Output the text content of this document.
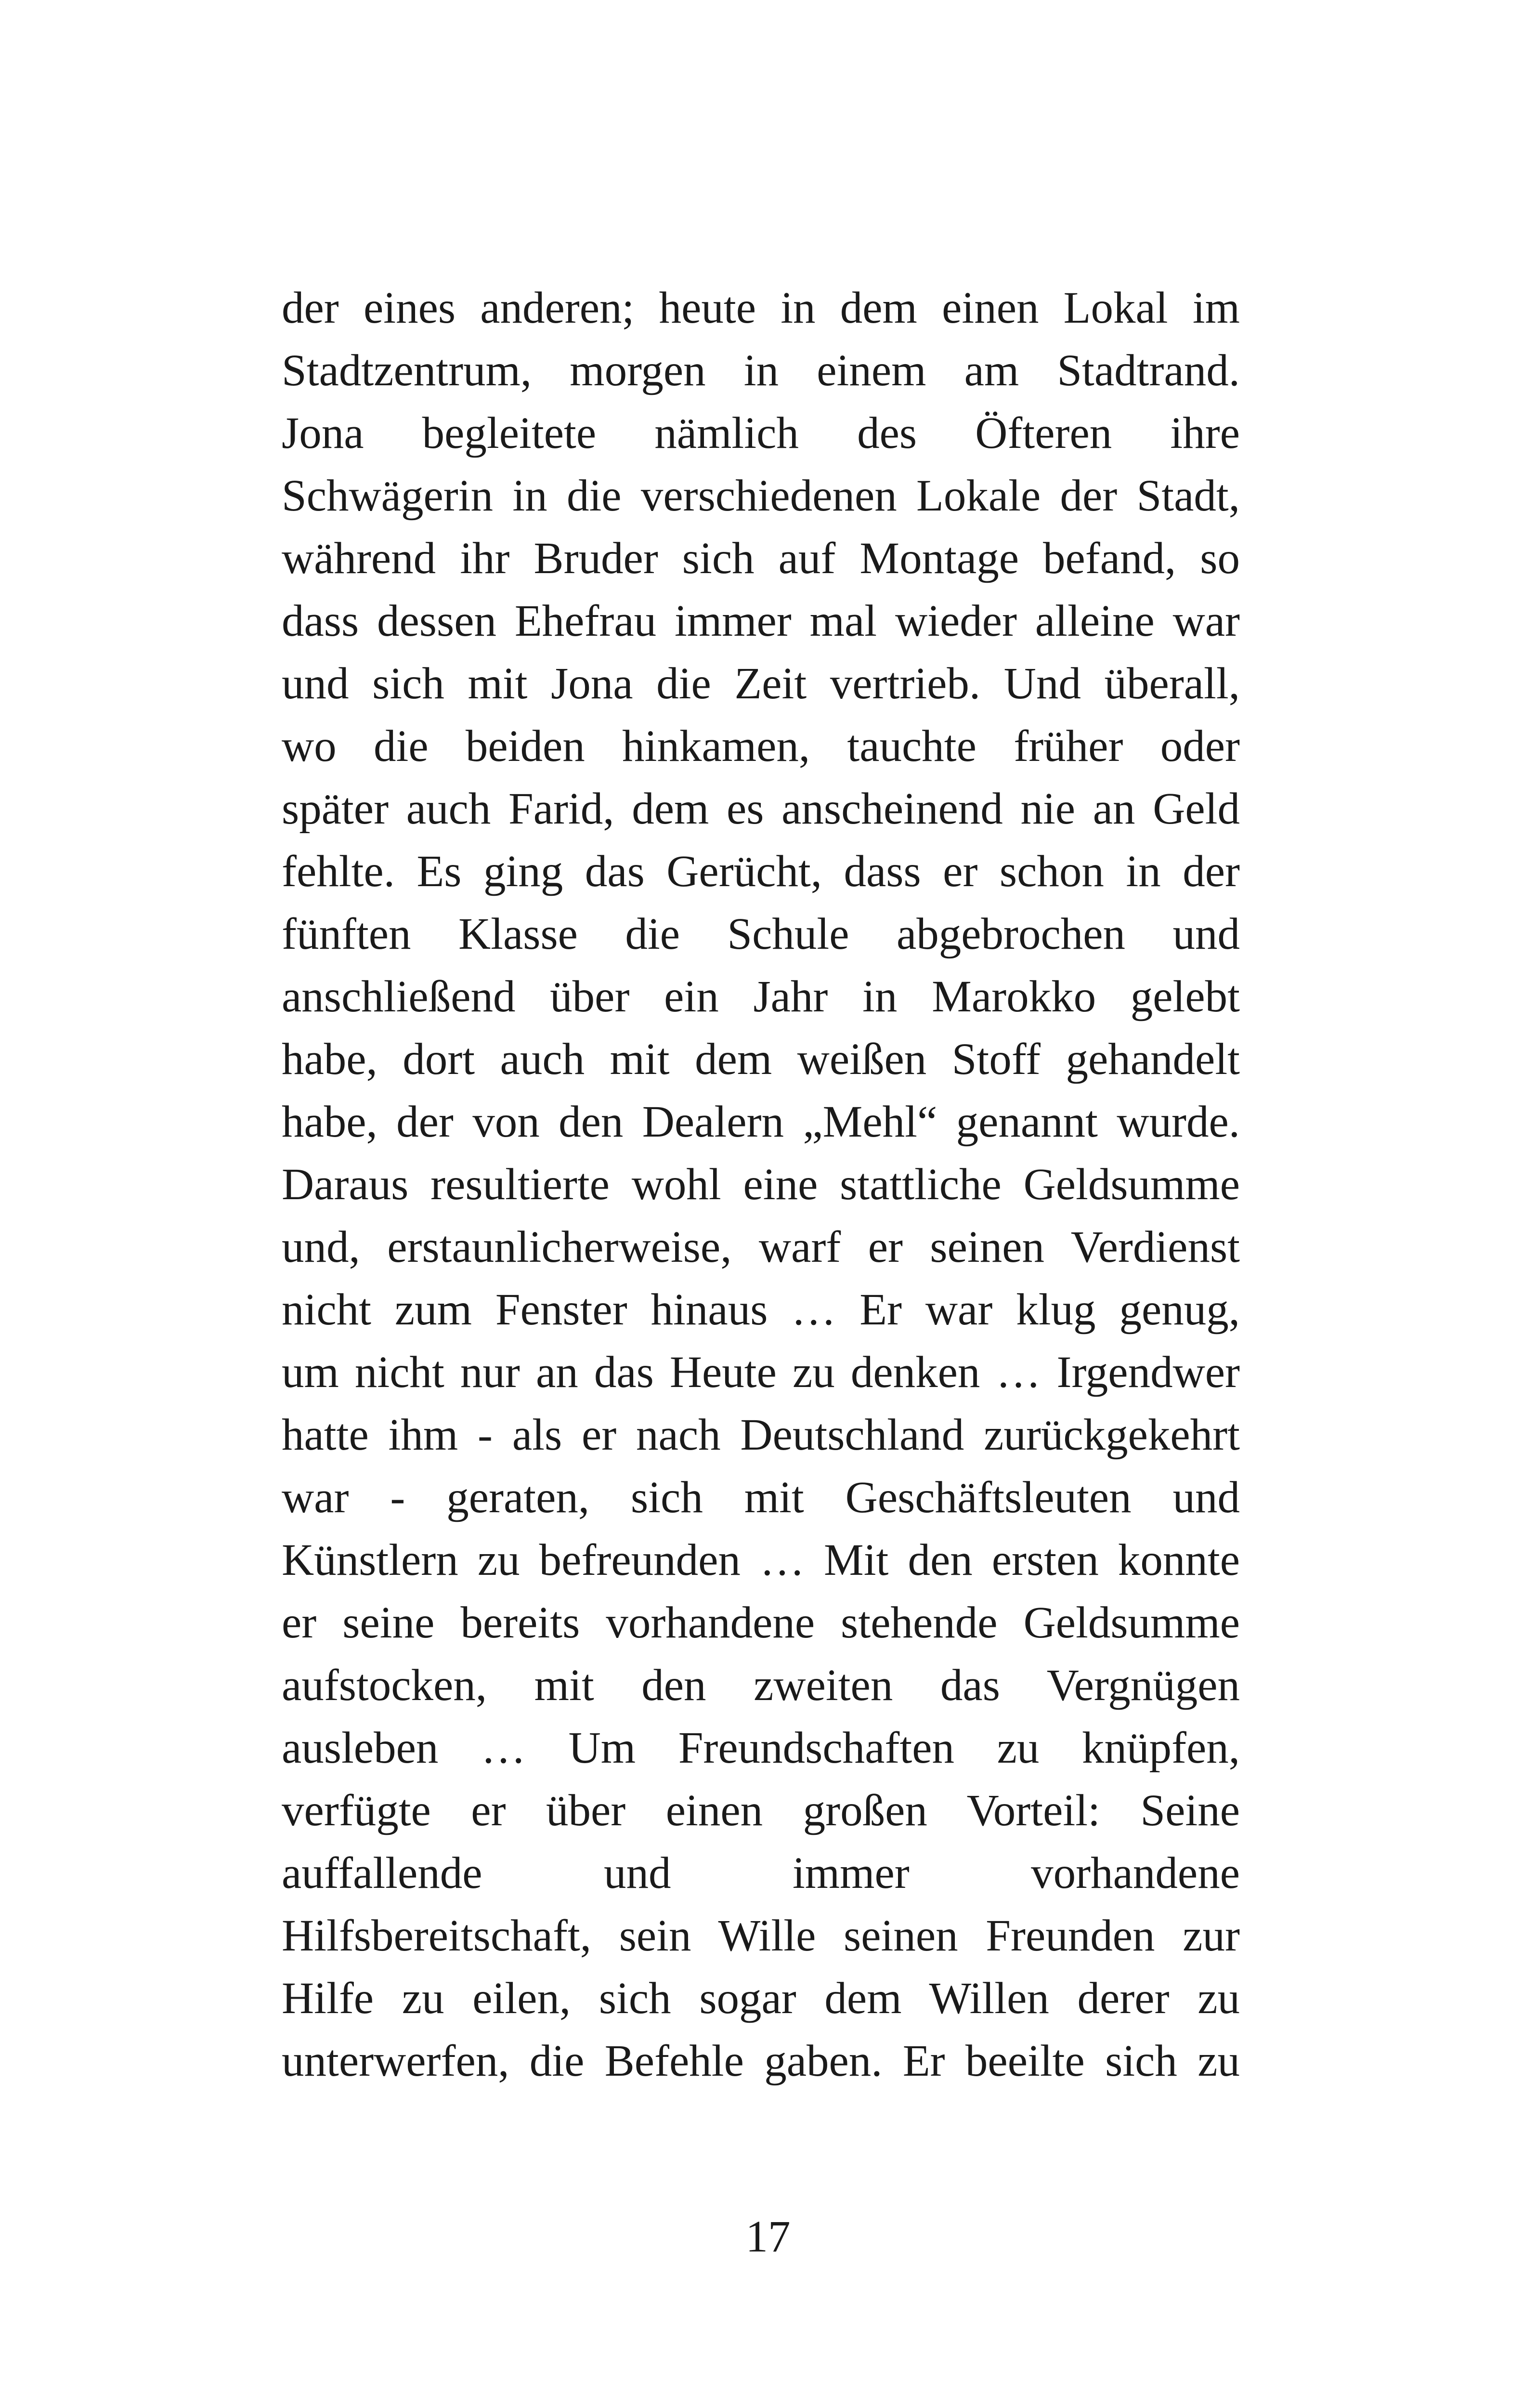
der eines anderen; heute in dem einen Lokal im
Stadtzentrum, morgen in einem am Stadtrand.
Jona begleitete nämlich des Öfteren ihre
Schwägerin in die verschiedenen Lokale der Stadt,
während ihr Bruder sich auf Montage befand, so
dass dessen Ehefrau immer mal wieder alleine war
und sich mit Jona die Zeit vertrieb. Und überall,
wo die beiden hinkamen, tauchte früher oder
später auch Farid, dem es anscheinend nie an Geld
fehlte. Es ging das Gerücht, dass er schon in der
fünften Klasse die Schule abgebrochen und
anschließend über ein Jahr in Marokko gelebt
habe, dort auch mit dem weißen Stoff gehandelt
habe, der von den Dealern „Mehl“ genannt wurde.
Daraus resultierte wohl eine stattliche Geldsumme
und, erstaunlicherweise, warf er seinen Verdienst
nicht zum Fenster hinaus … Er war klug genug,
um nicht nur an das Heute zu denken … Irgendwer
hatte ihm - als er nach Deutschland zurückgekehrt
war - geraten, sich mit Geschäftsleuten und
Künstlern zu befreunden … Mit den ersten konnte
er seine bereits vorhandene stehende Geldsumme
aufstocken, mit den zweiten das Vergnügen
ausleben … Um Freundschaften zu knüpfen,
verfügte er über einen großen Vorteil: Seine
auffallende und immer vorhandene
Hilfsbereitschaft, sein Wille seinen Freunden zur
Hilfe zu eilen, sich sogar dem Willen derer zu
unterwerfen, die Befehle gaben. Er beeilte sich zu
17
